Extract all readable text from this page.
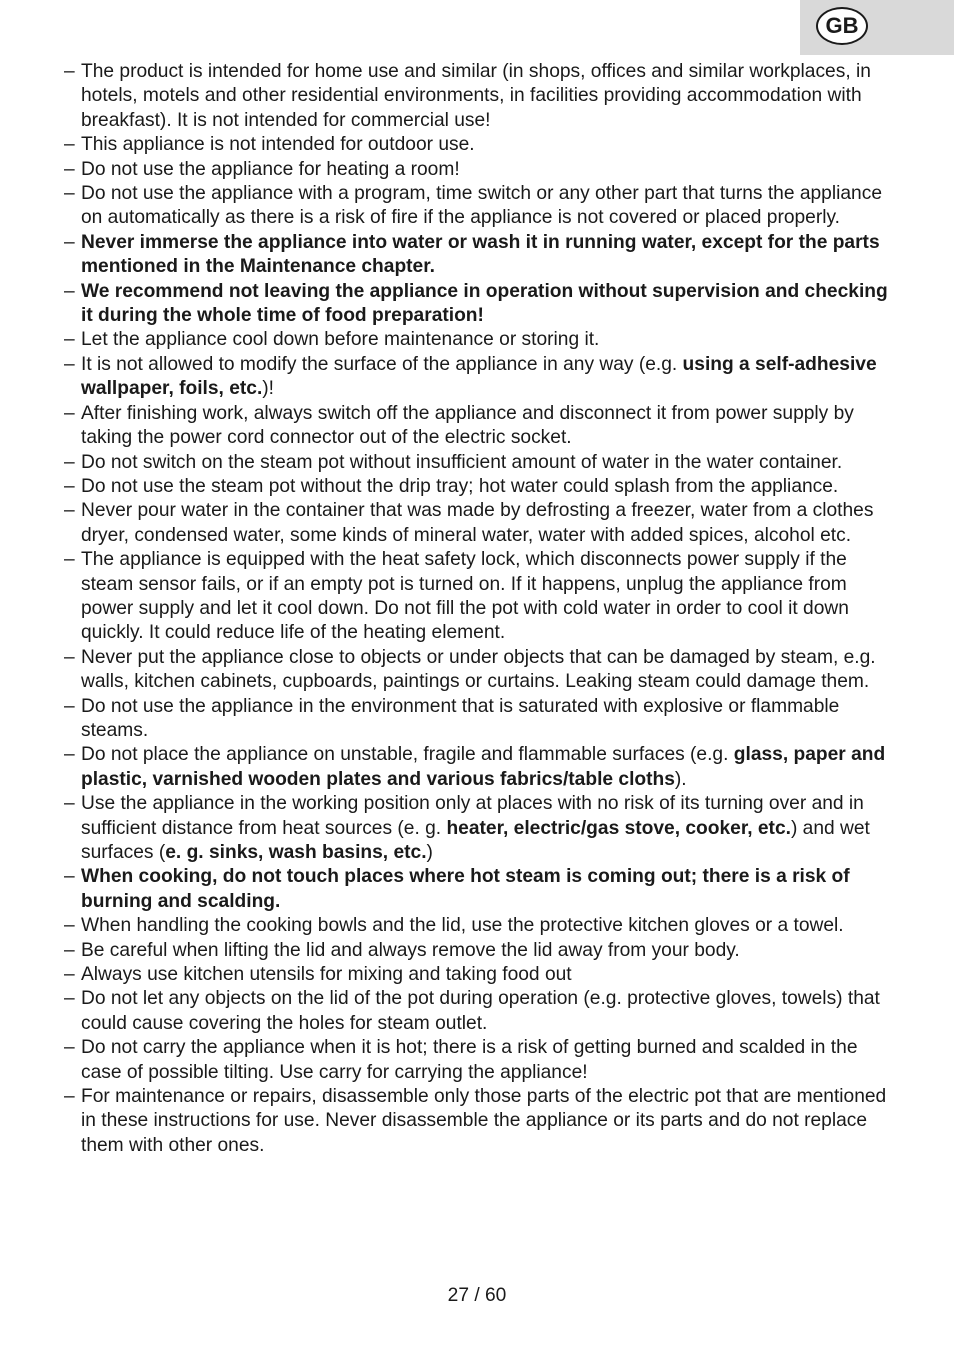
GB
– The product is intended for home use and similar (in shops, offices and similar workplaces, in hotels, motels and other residential environments, in facilities providing accommodation with breakfast). It is not intended for commercial use!
– This appliance is not intended for outdoor use.
– Do not use the appliance for heating a room!
– Do not use the appliance with a program, time switch or any other part that turns the appliance on automatically as there is a risk of fire if the appliance is not covered or placed properly.
– Never immerse the appliance into water or wash it in running water, except for the parts mentioned in the Maintenance chapter.
– We recommend not leaving the appliance in operation without supervision and checking it during the whole time of food preparation!
– Let the appliance cool down before maintenance or storing it.
– It is not allowed to modify the surface of the appliance in any way (e.g. using a self-adhesive wallpaper, foils, etc.)!
– After finishing work, always switch off the appliance and disconnect it from power supply by taking the power cord connector out of the electric socket.
– Do not switch on the steam pot without insufficient amount of water in the water container.
– Do not use the steam pot without the drip tray; hot water could splash from the appliance.
– Never pour water in the container that was made by defrosting a freezer, water from a clothes dryer, condensed water, some kinds of mineral water, water with added spices, alcohol etc.
– The appliance is equipped with the heat safety lock, which disconnects power supply if the steam sensor fails, or if an empty pot is turned on. If it happens, unplug the appliance from power supply and let it cool down. Do not fill the pot with cold water in order to cool it down quickly. It could reduce life of the heating element.
– Never put the appliance close to objects or under objects that can be damaged by steam, e.g. walls, kitchen cabinets, cupboards, paintings or curtains. Leaking steam could damage them.
– Do not use the appliance in the environment that is saturated with explosive or flammable steams.
– Do not place the appliance on unstable, fragile and flammable surfaces (e.g. glass, paper and plastic, varnished wooden plates and various fabrics/table cloths).
– Use the appliance in the working position only at places with no risk of its turning over and in sufficient distance from heat sources (e. g. heater, electric/gas stove, cooker, etc.) and wet surfaces (e. g. sinks, wash basins, etc.)
– When cooking, do not touch places where hot steam is coming out; there is a risk of burning and scalding.
– When handling the cooking bowls and the lid, use the protective kitchen gloves or a towel.
– Be careful when lifting the lid and always remove the lid away from your body.
– Always use kitchen utensils for mixing and taking food out
– Do not let any objects on the lid of the pot during operation (e.g. protective gloves, towels) that could cause covering the holes for steam outlet.
– Do not carry the appliance when it is hot; there is a risk of getting burned and scalded in the case of possible tilting. Use carry for carrying the appliance!
– For maintenance or repairs, disassemble only those parts of the electric pot that are mentioned in these instructions for use. Never disassemble the appliance or its parts and do not replace them with other ones.
27 / 60
